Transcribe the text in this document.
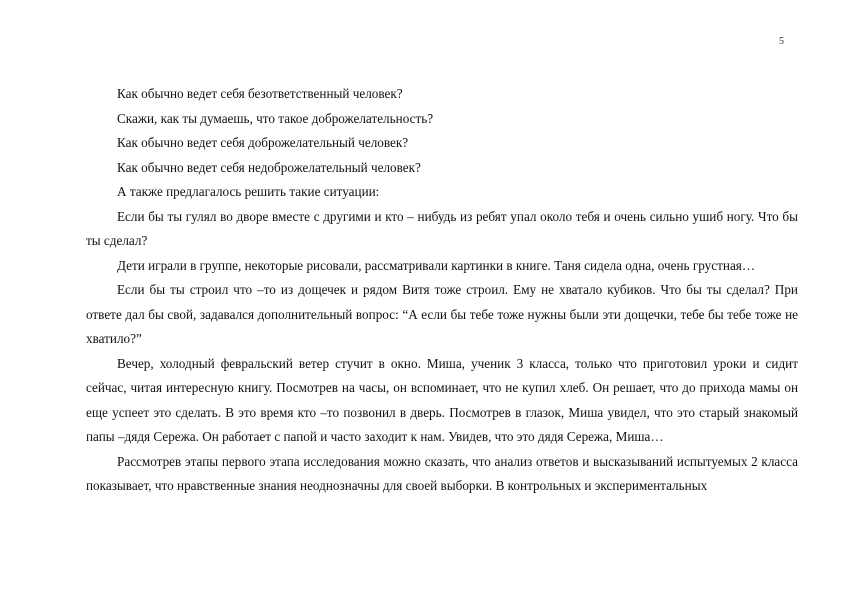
5

Как обычно ведет себя безответственный человек?

Скажи, как ты думаешь, что такое доброжелательность?

Как обычно ведет себя доброжелательный человек?

Как обычно ведет себя недоброжелательный человек?

А также предлагалось решить такие ситуации:

Если бы ты гулял во дворе вместе с другими и кто – нибудь из ребят упал около тебя и очень сильно ушиб ногу. Что бы ты сделал?

Дети играли в группе, некоторые рисовали, рассматривали картинки в книге. Таня сидела одна, очень грустная…

Если бы ты строил что –то из дощечек и рядом Витя тоже строил. Ему не хватало кубиков. Что бы ты сделал? При ответе дал бы свой, задавался дополнительный вопрос: “А если бы тебе тоже нужны были эти дощечки, тебе бы тебе тоже не хватило?”

Вечер, холодный февральский ветер стучит в окно. Миша, ученик 3 класса, только что приготовил уроки и сидит сейчас, читая интересную книгу. Посмотрев на часы, он вспоминает, что не купил хлеб. Он решает, что до прихода мамы он еще успеет это сделать. В это время кто –то позвонил в дверь. Посмотрев в глазок, Миша увидел, что это старый знакомый папы –дядя Сережа. Он работает с папой и часто заходит к нам. Увидев, что это дядя Сережа, Миша…

Рассмотрев этапы первого этапа исследования можно сказать, что анализ ответов и высказываний испытуемых 2 класса показывает, что нравственные знания неоднозначны для своей выборки. В контрольных и экспериментальных
